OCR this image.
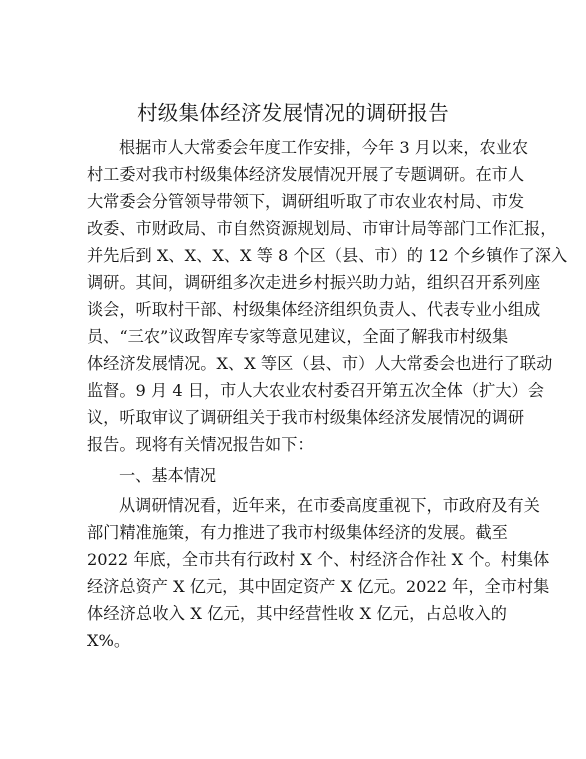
村级集体经济发展情况的调研报告
根据市人大常委会年度工作安排，今年 3 月以来，农业农
村工委对我市村级集体经济发展情况开展了专题调研。在市人
大常委会分管领导带领下，调研组听取了市农业农村局、市发
改委、市财政局、市自然资源规划局、市审计局等部门工作汇报，
并先后到 X、X、X、X 等 8 个区（县、市）的 12 个乡镇作了深入
调研。其间，调研组多次走进乡村振兴助力站，组织召开系列座
谈会，听取村干部、村级集体经济组织负责人、代表专业小组成
员、“三农”议政智库专家等意见建议，全面了解我市村级集
体经济发展情况。X、X 等区（县、市）人大常委会也进行了联动
监督。9 月 4 日，市人大农业农村委召开第五次全体（扩大）会
议，听取审议了调研组关于我市村级集体经济发展情况的调研
报告。现将有关情况报告如下：
一、基本情况
从调研情况看，近年来，在市委高度重视下，市政府及有关
部门精准施策，有力推进了我市村级集体经济的发展。截至
2022 年底，全市共有行政村 X 个、村经济合作社 X 个。村集体
经济总资产 X 亿元，其中固定资产 X 亿元。2022 年，全市村集
体经济总收入 X 亿元，其中经营性收 X 亿元，占总收入的
X%。
